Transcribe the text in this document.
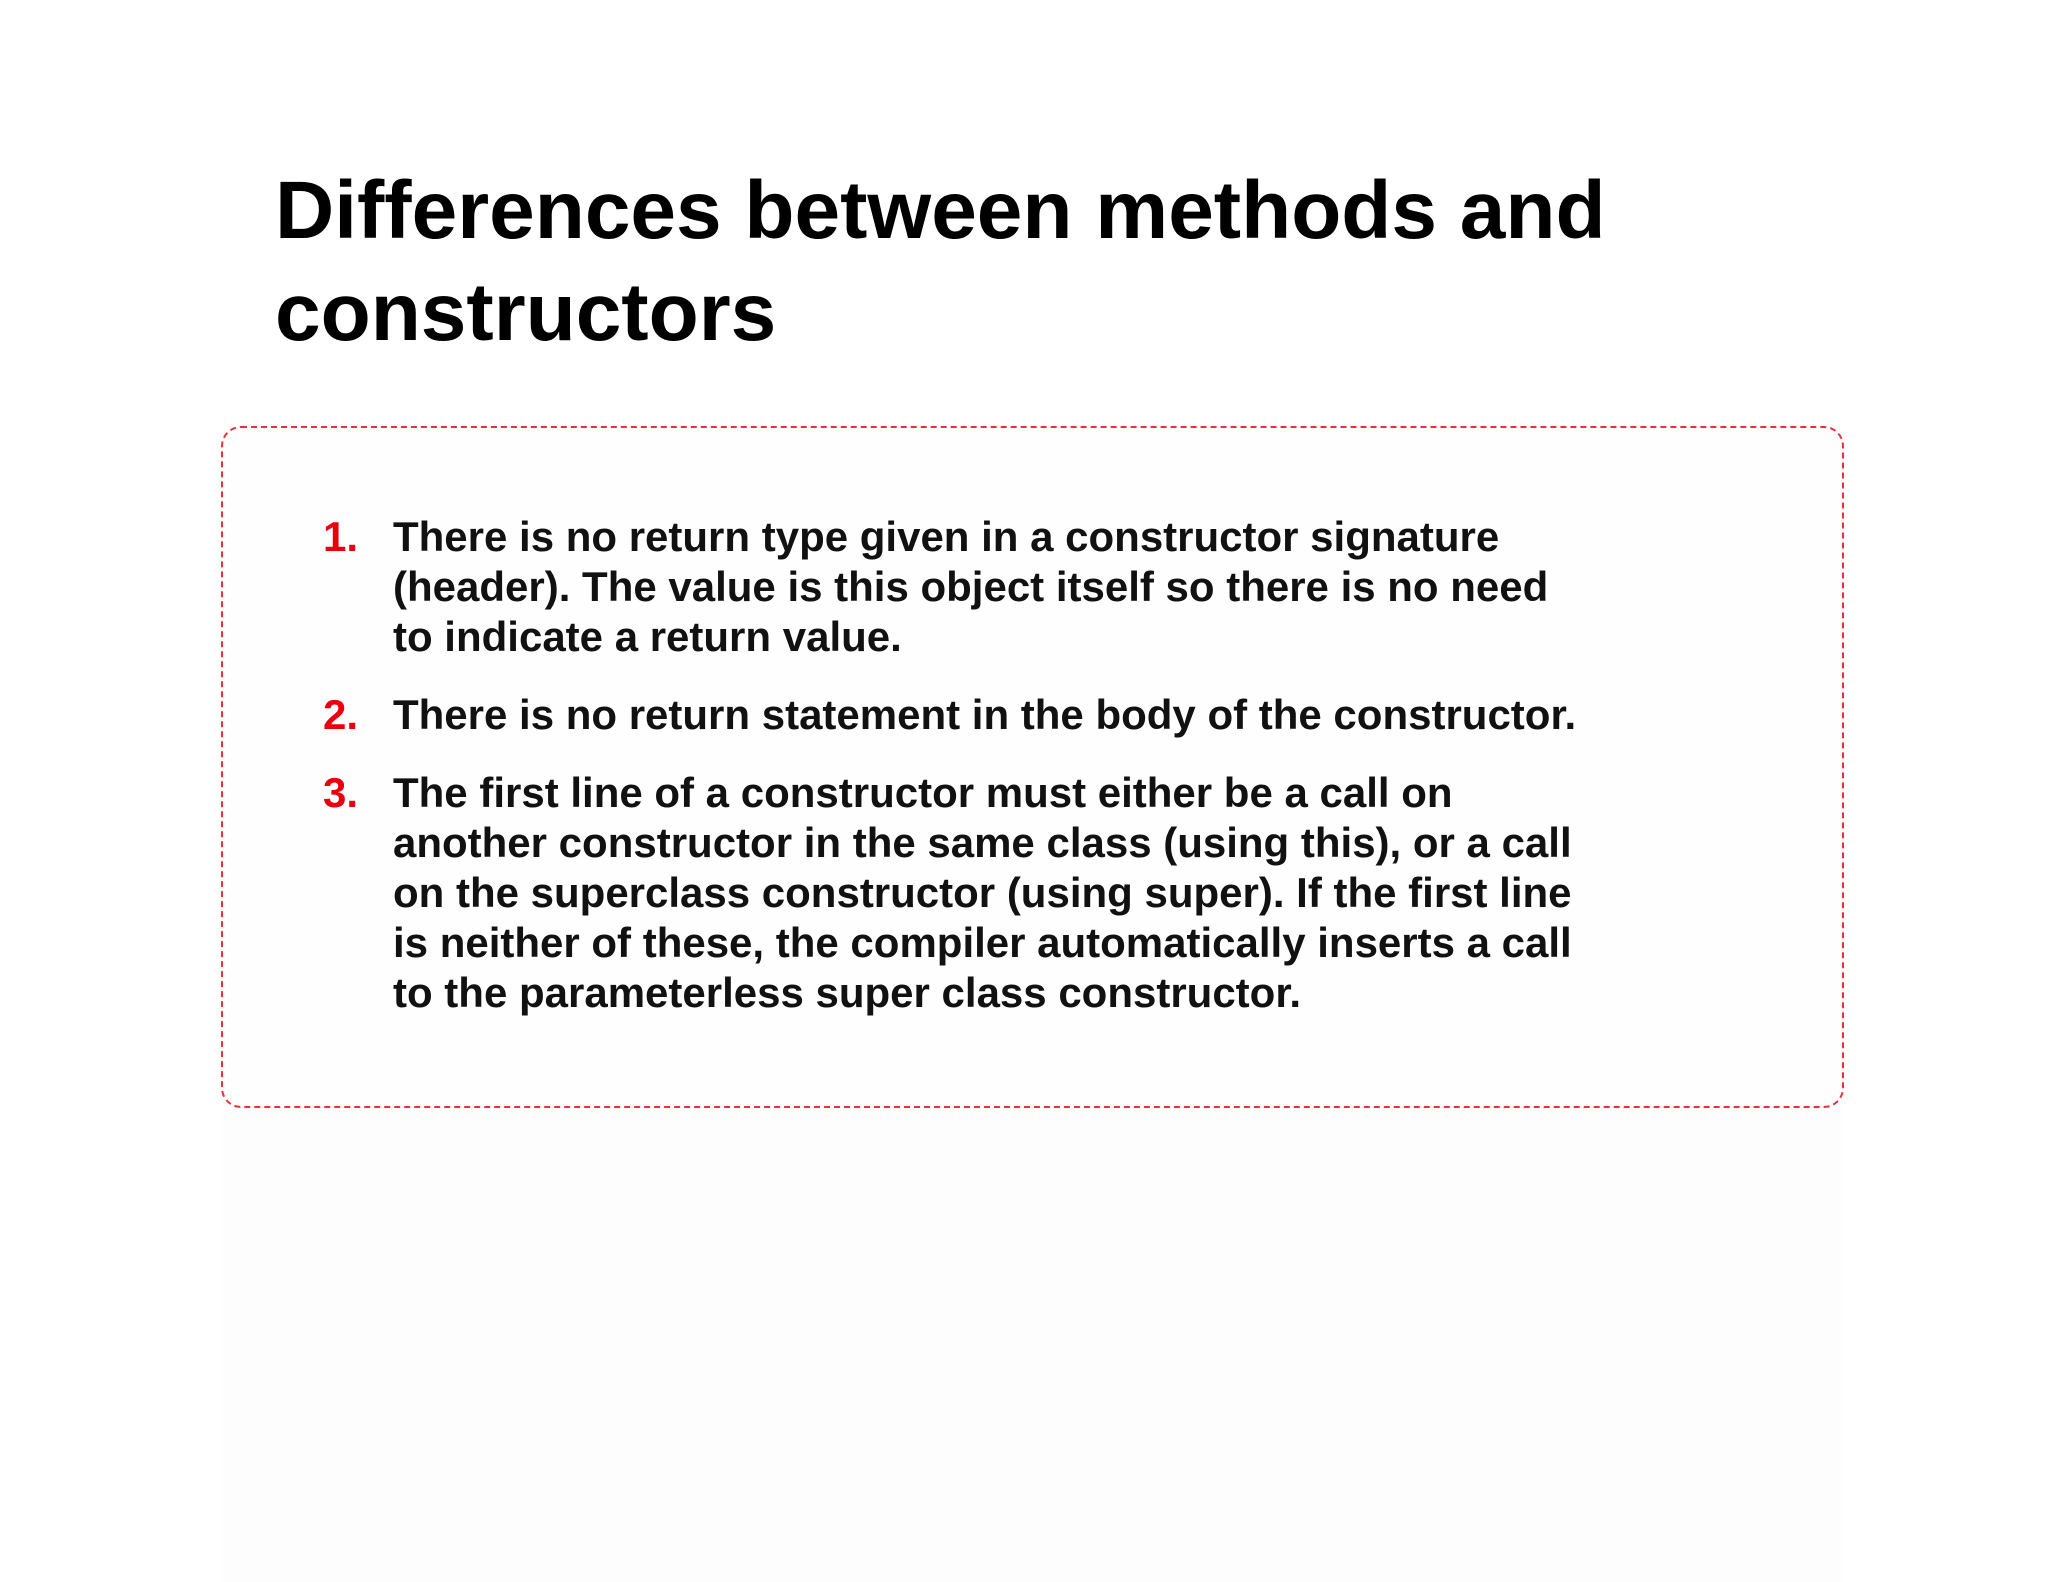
Differences between methods and constructors
1. There is no return type given in a constructor signature
(header). The value is this object itself so there is no need
to indicate a return value.
2. There is no return statement in the body of the constructor.
3. The first line of a constructor must either be a call on
another constructor in the same class (using this), or a call
on the superclass constructor (using super). If the first line
is neither of these, the compiler automatically inserts a call
to the parameterless super class constructor.
